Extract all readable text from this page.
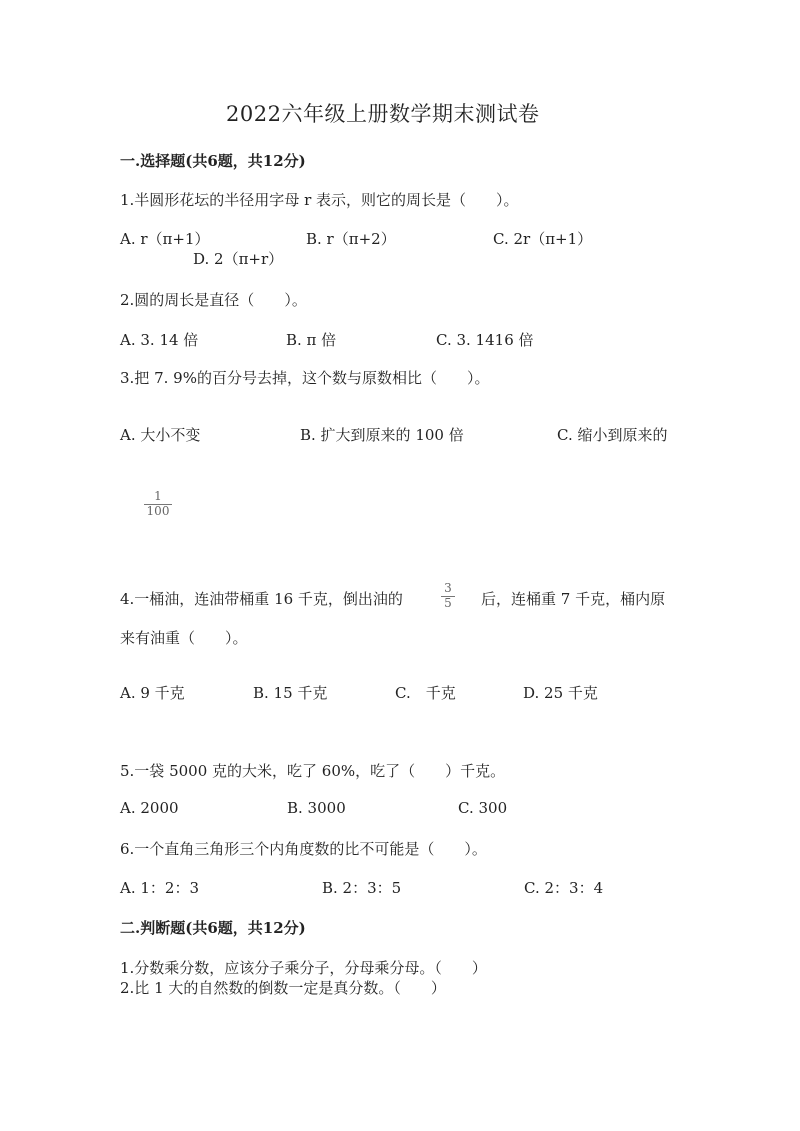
2022六年级上册数学期末测试卷
一.选择题(共6题，共12分)
1.半圆形花坛的半径用字母 r 表示，则它的周长是（　　）。
A. r（π+1）	B. r（π+2）	C. 2r（π+1）
D. 2（π+r）
2.圆的周长是直径（　　）。
A. 3. 14 倍	B. π 倍	C. 3. 1416 倍
3.把 7. 9%的百分号去掉，这个数与原数相比（　　）。
A. 大小不变	B. 扩大到原来的 100 倍	C. 缩小到原来的
1
100
4.一桶油，连油带桶重 16 千克，倒出油的
3
5 后，连桶重 7 千克，桶内原
来有油重（　　）。
A. 9 千克	B. 15 千克	C.　千克	D. 25 千克
5.一袋 5000 克的大米，吃了 60%，吃了（　　）千克。
A. 2000	B. 3000	C. 300
6.一个直角三角形三个内角度数的比不可能是（　　）。
A. 1：2：3	B. 2：3：5	C. 2：3：4
二.判断题(共6题，共12分)
1.分数乘分数，应该分子乘分子，分母乘分母。（　　）
2.比 1 大的自然数的倒数一定是真分数。（　　）
